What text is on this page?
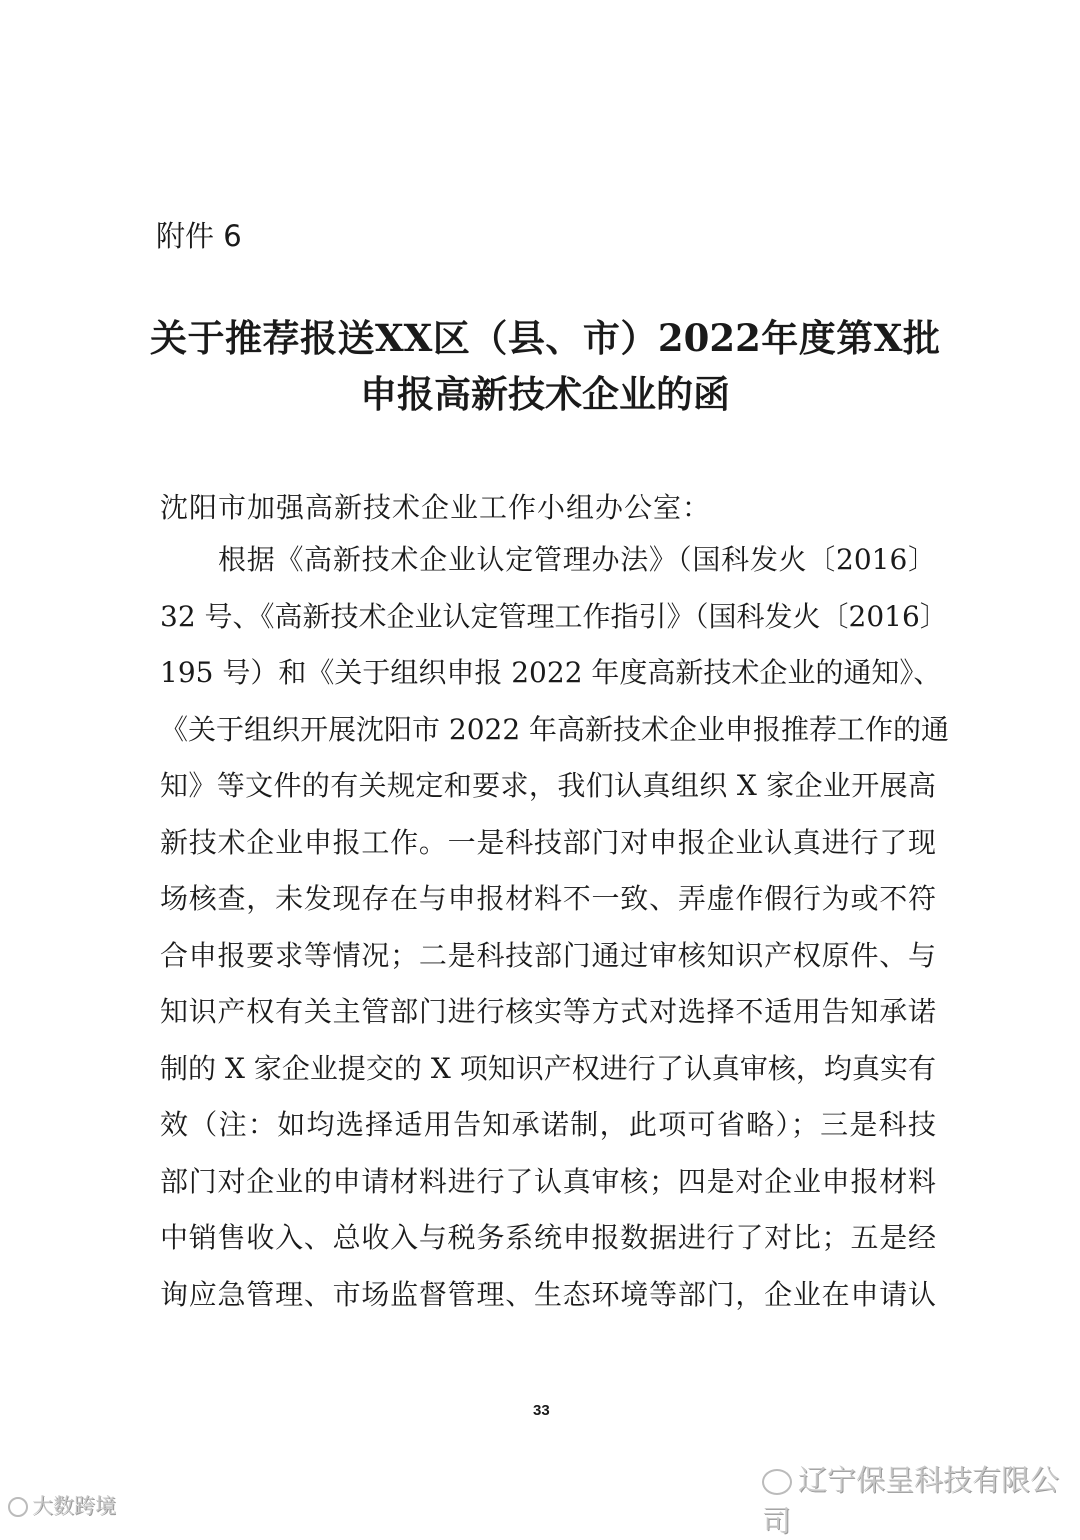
附件 6
关于推荐报送XX区（县、市）2022年度第X批
申报高新技术企业的函
沈阳市加强高新技术企业工作小组办公室：
根据《高新技术企业认定管理办法》（国科发火〔2016〕
32 号、《高新技术企业认定管理工作指引》（国科发火〔2016〕
195 号）和《关于组织申报 2022 年度高新技术企业的通知》、
《关于组织开展沈阳市 2022 年高新技术企业申报推荐工作的通
知》等文件的有关规定和要求，我们认真组织 X 家企业开展高
新技术企业申报工作。一是科技部门对申报企业认真进行了现
场核查，未发现存在与申报材料不一致、弄虚作假行为或不符
合申报要求等情况；二是科技部门通过审核知识产权原件、与
知识产权有关主管部门进行核实等方式对选择不适用告知承诺
制的 X 家企业提交的 X 项知识产权进行了认真审核，均真实有
效（注：如均选择适用告知承诺制，此项可省略）；三是科技
部门对企业的申请材料进行了认真审核；四是对企业申报材料
中销售收入、总收入与税务系统申报数据进行了对比；五是经
询应急管理、市场监督管理、生态环境等部门，企业在申请认
33
辽宁保呈科技有限公司
大数跨境
